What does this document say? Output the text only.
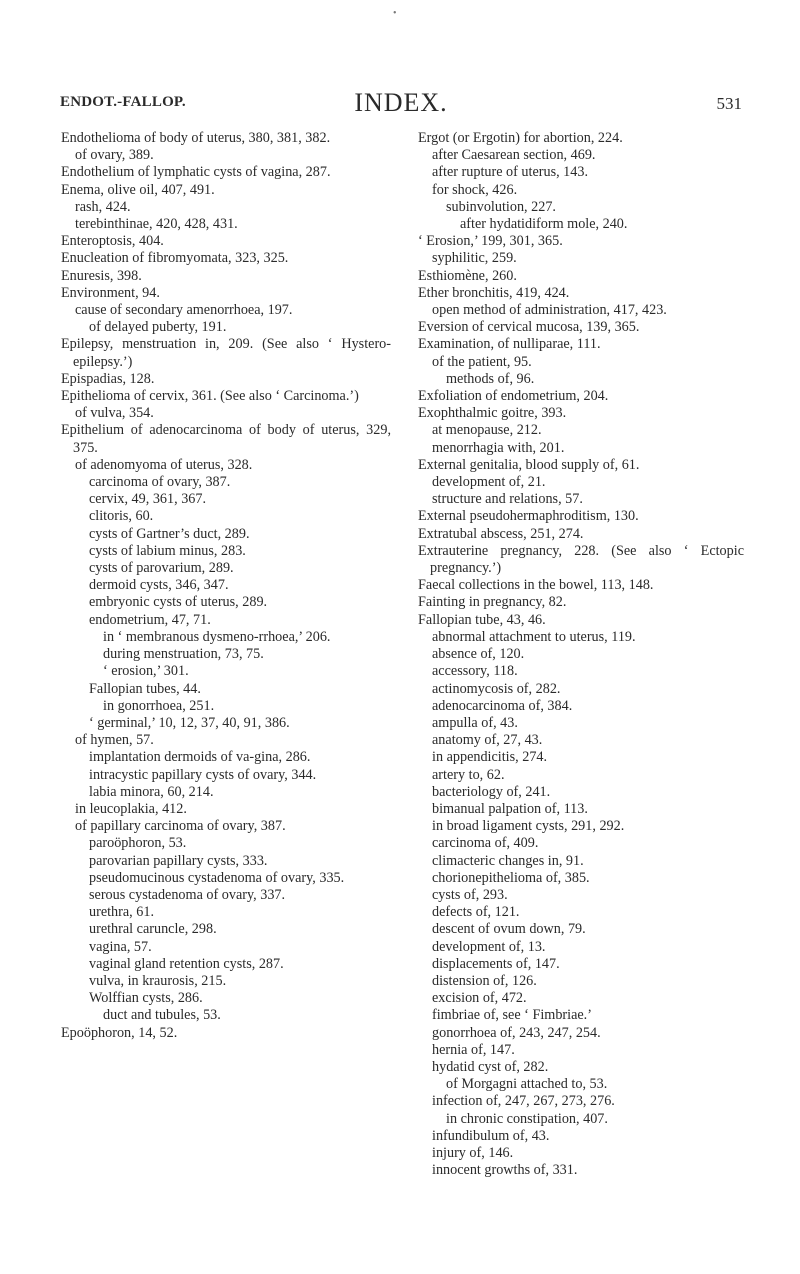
•
ENDOT.-FALLOP.	INDEX.	531
Endothelioma of body of uterus, 380, 381, 382.
of ovary, 389.
Endothelium of lymphatic cysts of vagina, 287.
Enema, olive oil, 407, 491.
rash, 424.
terebinthinae, 420, 428, 431.
Enteroptosis, 404.
Enucleation of fibromyomata, 323, 325.
Enuresis, 398.
Environment, 94.
cause of secondary amenorrhoea, 197.
of delayed puberty, 191.
Epilepsy, menstruation in, 209. (See also ‘ Hystero-epilepsy.’)
Epispadias, 128.
Epithelioma of cervix, 361. (See also ‘ Carcinoma.’)
of vulva, 354.
Epithelium of adenocarcinoma of body of uterus, 329, 375.
of adenomyoma of uterus, 328.
carcinoma of ovary, 387.
cervix, 49, 361, 367.
clitoris, 60.
cysts of Gartner’s duct, 289.
cysts of labium minus, 283.
cysts of parovarium, 289.
dermoid cysts, 346, 347.
embryonic cysts of uterus, 289.
endometrium, 47, 71.
in ‘ membranous dysmeno-rrhoea,’ 206.
during menstruation, 73, 75.
‘ erosion,’ 301.
Fallopian tubes, 44.
in gonorrhoea, 251.
‘ germinal,’ 10, 12, 37, 40, 91, 386.
of hymen, 57.
implantation dermoids of va-gina, 286.
intracystic papillary cysts of ovary, 344.
labia minora, 60, 214.
in leucoplakia, 412.
of papillary carcinoma of ovary, 387.
paroöphoron, 53.
parovarian papillary cysts, 333.
pseudomucinous cystadenoma of ovary, 335.
serous cystadenoma of ovary, 337.
urethra, 61.
urethral caruncle, 298.
vagina, 57.
vaginal gland retention cysts, 287.
vulva, in kraurosis, 215.
Wolffian cysts, 286.
duct and tubules, 53.
Epoöphoron, 14, 52.
Ergot (or Ergotin) for abortion, 224.
after Caesarean section, 469.
after rupture of uterus, 143.
for shock, 426.
subinvolution, 227.
after hydatidiform mole, 240.
‘ Erosion,’ 199, 301, 365.
syphilitic, 259.
Esthiomène, 260.
Ether bronchitis, 419, 424.
open method of administration, 417, 423.
Eversion of cervical mucosa, 139, 365.
Examination, of nulliparae, 111.
of the patient, 95.
methods of, 96.
Exfoliation of endometrium, 204.
Exophthalmic goitre, 393.
at menopause, 212.
menorrhagia with, 201.
External genitalia, blood supply of, 61.
development of, 21.
structure and relations, 57.
External pseudohermaphroditism, 130.
Extratubal abscess, 251, 274.
Extrauterine pregnancy, 228. (See also ‘ Ectopic pregnancy.’)
Faecal collections in the bowel, 113, 148.
Fainting in pregnancy, 82.
Fallopian tube, 43, 46.
abnormal attachment to uterus, 119.
absence of, 120.
accessory, 118.
actinomycosis of, 282.
adenocarcinoma of, 384.
ampulla of, 43.
anatomy of, 27, 43.
in appendicitis, 274.
artery to, 62.
bacteriology of, 241.
bimanual palpation of, 113.
in broad ligament cysts, 291, 292.
carcinoma of, 409.
climacteric changes in, 91.
chorionepithelioma of, 385.
cysts of, 293.
defects of, 121.
descent of ovum down, 79.
development of, 13.
displacements of, 147.
distension of, 126.
excision of, 472.
fimbriae of, see ‘ Fimbriae.’
gonorrhoea of, 243, 247, 254.
hernia of, 147.
hydatid cyst of, 282.
of Morgagni attached to, 53.
infection of, 247, 267, 273, 276.
in chronic constipation, 407.
infundibulum of, 43.
injury of, 146.
innocent growths of, 331.
